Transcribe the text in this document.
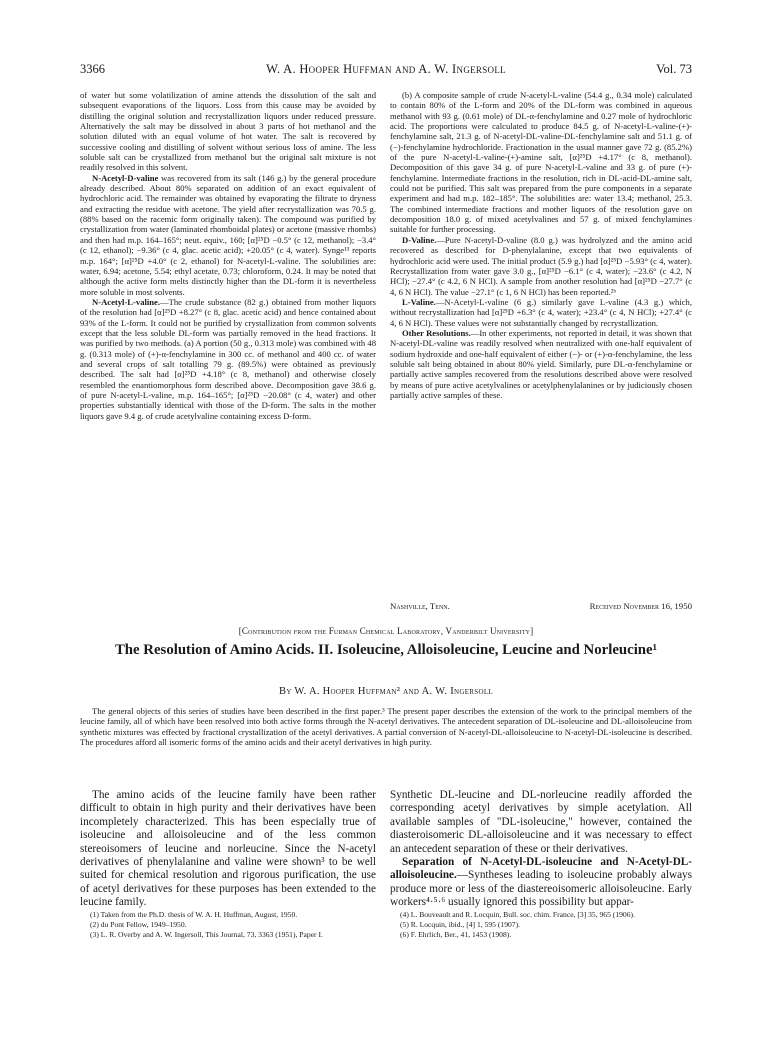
3366	W. A. Hooper Huffman and A. W. Ingersoll	Vol. 73

of water but some volatilization of amine attends the dissolution of the salt and subsequent evaporations of the liquors. Loss from this cause may be avoided by distilling the original solution and recrystallization liquors under reduced pressure. Alternatively the salt may be dissolved in about 3 parts of hot methanol and the solution diluted with an equal volume of hot water. The salt is recovered by successive cooling and distilling of solvent without serious loss of amine. The less soluble salt can be crystallized from methanol but the original salt mixture is not readily resolved in this solvent.

N-Acetyl-D-valine was recovered from its salt (146 g.) by the general procedure already described. About 80% separated on addition of an exact equivalent of hydrochloric acid. The remainder was obtained by evaporating the filtrate to dryness and extracting the residue with acetone. The yield after recrystallization was 70.5 g. (88% based on the racemic form originally taken). The compound was purified by crystallization from water (laminated rhomboidal plates) or acetone (massive rhombs) and then had m.p. 164–165°; neut. equiv., 160; [α]²⁵D −0.5° (c 12, methanol); −3.4° (c 12, ethanol); −9.36° (c 4, glac. acetic acid); +20.05° (c 4, water). Synge¹³ reports m.p. 164°; [α]²⁵D +4.0° (c 2, ethanol) for N-acetyl-L-valine. The solubilities are: water, 6.94; acetone, 5.54; ethyl acetate, 0.73; chloroform, 0.24. It may be noted that although the active form melts distinctly higher than the DL-form it is nevertheless more soluble in most solvents.

N-Acetyl-L-valine.—The crude substance (82 g.) obtained from mother liquors of the resolution had [α]²⁵D +8.27° (c 8, glac. acetic acid) and hence contained about 93% of the L-form. It could not be purified by crystallization from common solvents except that the less soluble DL-form was partially removed in the head fractions. It was purified by two methods. (a) A portion (50 g., 0.313 mole) was combined with 48 g. (0.313 mole) of (+)-α-fenchylamine in 300 cc. of methanol and 400 cc. of water and several crops of salt totalling 79 g. (89.5%) were obtained as previously described. The salt had [α]²⁵D +4.18° (c 8, methanol) and otherwise closely resembled the enantiomorphous form described above. Decomposition gave 38.6 g. of pure N-acetyl-L-valine, m.p. 164–165°; [α]²⁵D −20.08° (c 4, water) and other properties substantially identical with those of the D-form. The salts in the mother liquors gave 9.4 g. of crude acetylvaline containing excess D-form.

(b) A composite sample of crude N-acetyl-L-valine (54.4 g., 0.34 mole) calculated to contain 80% of the L-form and 20% of the DL-form was combined in aqueous methanol with 93 g. (0.61 mole) of DL-α-fenchylamine and 0.27 mole of hydrochloric acid. The proportions were calculated to produce 84.5 g. of N-acetyl-L-valine-(+)-fenchylamine salt, 21.3 g. of N-acetyl-DL-valine-DL-fenchylamine salt and 51.1 g. of (−)-fenchylamine hydrochloride. Fractionation in the usual manner gave 72 g. (85.2%) of the pure N-acetyl-L-valine-(+)-amine salt, [α]²⁵D +4.17° (c 8, methanol). Decomposition of this gave 34 g. of pure N-acetyl-L-valine and 33 g. of pure (+)-fenchylamine. Intermediate fractions in the resolution, rich in DL-acid-DL-amine salt, could not be purified. This salt was prepared from the pure components in a separate experiment and had m.p. 182–185°. The solubilities are: water 13.4; methanol, 25.3. The combined intermediate fractions and mother liquors of the resolution gave on decomposition 18.0 g. of mixed acetylvalines and 57 g. of mixed fenchylamines suitable for further processing.

D-Valine.—Pure N-acetyl-D-valine (8.0 g.) was hydrolyzed and the amino acid recovered as described for D-phenylalanine, except that two equivalents of hydrochloric acid were used. The initial product (5.9 g.) had [α]²⁵D −5.93° (c 4, water). Recrystallization from water gave 3.0 g., [α]²⁵D −6.1° (c 4, water); −23.6° (c 4.2, N HCl); −27.4° (c 4.2, 6 N HCl). A sample from another resolution had [α]²⁵D −27.7° (c 4, 6 N HCl). The value −27.1° (c 1, 6 N HCl) has been reported.²ᵇ

L-Valine.—N-Acetyl-L-valine (6 g.) similarly gave L-valine (4.3 g.) which, without recrystallization had [α]²⁵D +6.3° (c 4, water); +23.4° (c 4, N HCl); +27.4° (c 4, 6 N HCl). These values were not substantially changed by recrystallization.

Other Resolutions.—In other experiments, not reported in detail, it was shown that N-acetyl-DL-valine was readily resolved when neutralized with one-half equivalent of sodium hydroxide and one-half equivalent of either (−)- or (+)-α-fenchylamine, the less soluble salt being obtained in about 80% yield. Similarly, pure DL-α-fenchylamine or partially active samples recovered from the resolutions described above were resolved by means of pure active acetylvalines or acetylphenylalanines or by judiciously chosen partially active samples of these.

Nashville, Tenn.	Received November 16, 1950
[Contribution from the Furman Chemical Laboratory, Vanderbilt University]
The Resolution of Amino Acids. II. Isoleucine, Alloisoleucine, Leucine and Norleucine¹
By W. A. Hooper Huffman² and A. W. Ingersoll
The general objects of this series of studies have been described in the first paper.³ The present paper describes the extension of the work to the principal members of the leucine family, all of which have been resolved into both active forms through the N-acetyl derivatives. The antecedent separation of DL-isoleucine and DL-alloisoleucine from synthetic mixtures was effected by fractional crystallization of the acetyl derivatives. A partial conversion of N-acetyl-DL-alloisoleucine to N-acetyl-DL-isoleucine is described. The procedures afford all isomeric forms of the amino acids and their acetyl derivatives in high purity.

The amino acids of the leucine family have been rather difficult to obtain in high purity and their derivatives have been incompletely characterized. This has been especially true of isoleucine and alloisoleucine and of the less common stereoisomers of leucine and norleucine. Since the N-acetyl derivatives of phenylalanine and valine were shown³ to be well suited for chemical resolution and rigorous purification, the use of acetyl derivatives for these purposes has been extended to the leucine family.

(1) Taken from the Ph.D. thesis of W. A. H. Huffman, August, 1950.

(2) du Pont Fellow, 1949–1950.

(3) L. R. Overby and A. W. Ingersoll, This Journal, 73, 3363 (1951), Paper I.

Synthetic DL-leucine and DL-norleucine readily afforded the corresponding acetyl derivatives by simple acetylation. All available samples of "DL-isoleucine," however, contained the diasteroisomeric DL-alloisoleucine and it was necessary to effect an antecedent separation of these or their derivatives.

Separation of N-Acetyl-DL-isoleucine and N-Acetyl-DL-alloisoleucine.—Syntheses leading to isoleucine probably always produce more or less of the diastereoisomeric alloisoleucine. Early workers⁴·⁵·⁶ usually ignored this possibility but appar-

(4) L. Bouveault and R. Locquin, Bull. soc. chim. France, [3] 35, 965 (1906).

(5) R. Locquin, ibid., [4] 1, 595 (1907).

(6) F. Ehrlich, Ber., 41, 1453 (1908).
